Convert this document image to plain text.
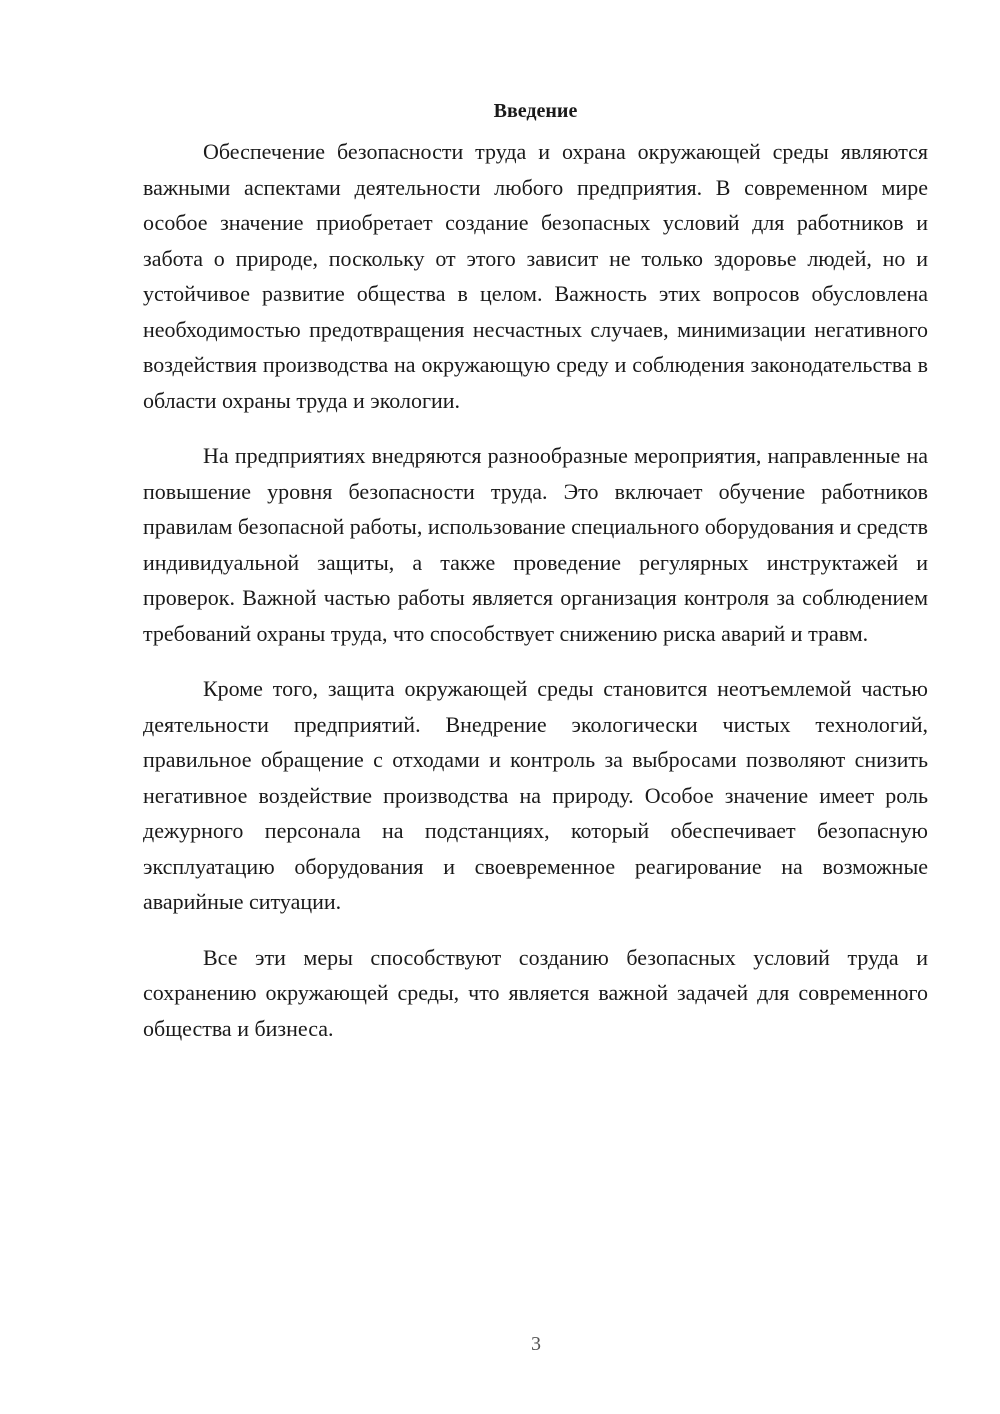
Введение

Обеспечение безопасности труда и охрана окружающей среды являются важными аспектами деятельности любого предприятия. В современном мире особое значение приобретает создание безопасных условий для работников и забота о природе, поскольку от этого зависит не только здоровье людей, но и устойчивое развитие общества в целом. Важность этих вопросов обусловлена необходимостью предотвращения несчастных случаев, минимизации негативного воздействия производства на окружающую среду и соблюдения законодательства в области охраны труда и экологии.

На предприятиях внедряются разнообразные мероприятия, направленные на повышение уровня безопасности труда. Это включает обучение работников правилам безопасной работы, использование специального оборудования и средств индивидуальной защиты, а также проведение регулярных инструктажей и проверок. Важной частью работы является организация контроля за соблюдением требований охраны труда, что способствует снижению риска аварий и травм.

Кроме того, защита окружающей среды становится неотъемлемой частью деятельности предприятий. Внедрение экологически чистых технологий, правильное обращение с отходами и контроль за выбросами позволяют снизить негативное воздействие производства на природу. Особое значение имеет роль дежурного персонала на подстанциях, который обеспечивает безопасную эксплуатацию оборудования и своевременное реагирование на возможные аварийные ситуации.

Все эти меры способствуют созданию безопасных условий труда и сохранению окружающей среды, что является важной задачей для современного общества и бизнеса.

3
